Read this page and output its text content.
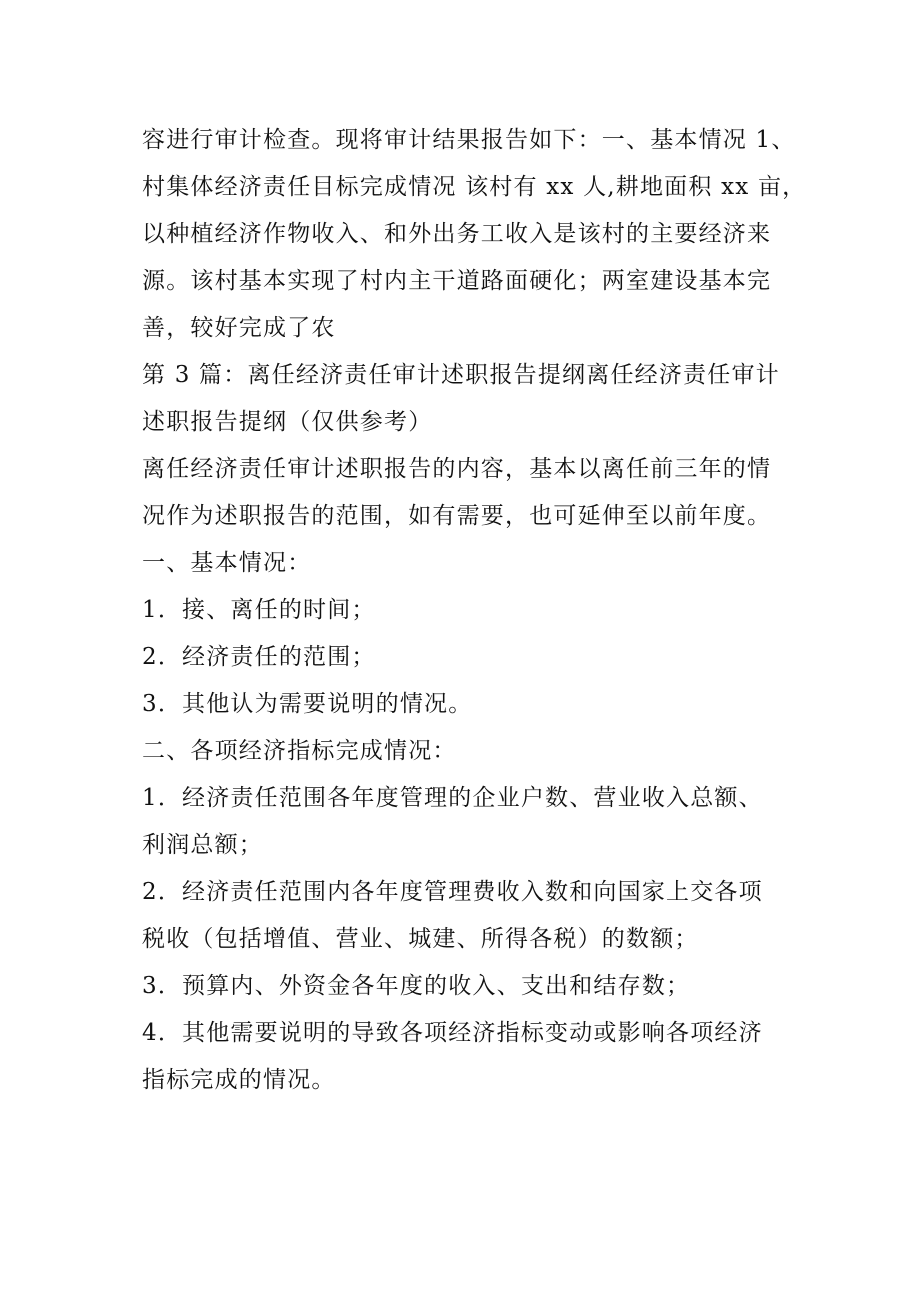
容进行审计检查。现将审计结果报告如下：一、基本情况 1、
村集体经济责任目标完成情况 该村有 xx 人,耕地面积 xx 亩，
以种植经济作物收入、和外出务工收入是该村的主要经济来
源。该村基本实现了村内主干道路面硬化；两室建设基本完
善，较好完成了农
第 3 篇：离任经济责任审计述职报告提纲离任经济责任审计
述职报告提纲（仅供参考）
离任经济责任审计述职报告的内容，基本以离任前三年的情
况作为述职报告的范围，如有需要，也可延伸至以前年度。
一、基本情况：
1．接、离任的时间；
2．经济责任的范围；
3．其他认为需要说明的情况。
二、各项经济指标完成情况：
1．经济责任范围各年度管理的企业户数、营业收入总额、
利润总额；
2．经济责任范围内各年度管理费收入数和向国家上交各项
税收（包括增值、营业、城建、所得各税）的数额；
3．预算内、外资金各年度的收入、支出和结存数；
4．其他需要说明的导致各项经济指标变动或影响各项经济
指标完成的情况。
